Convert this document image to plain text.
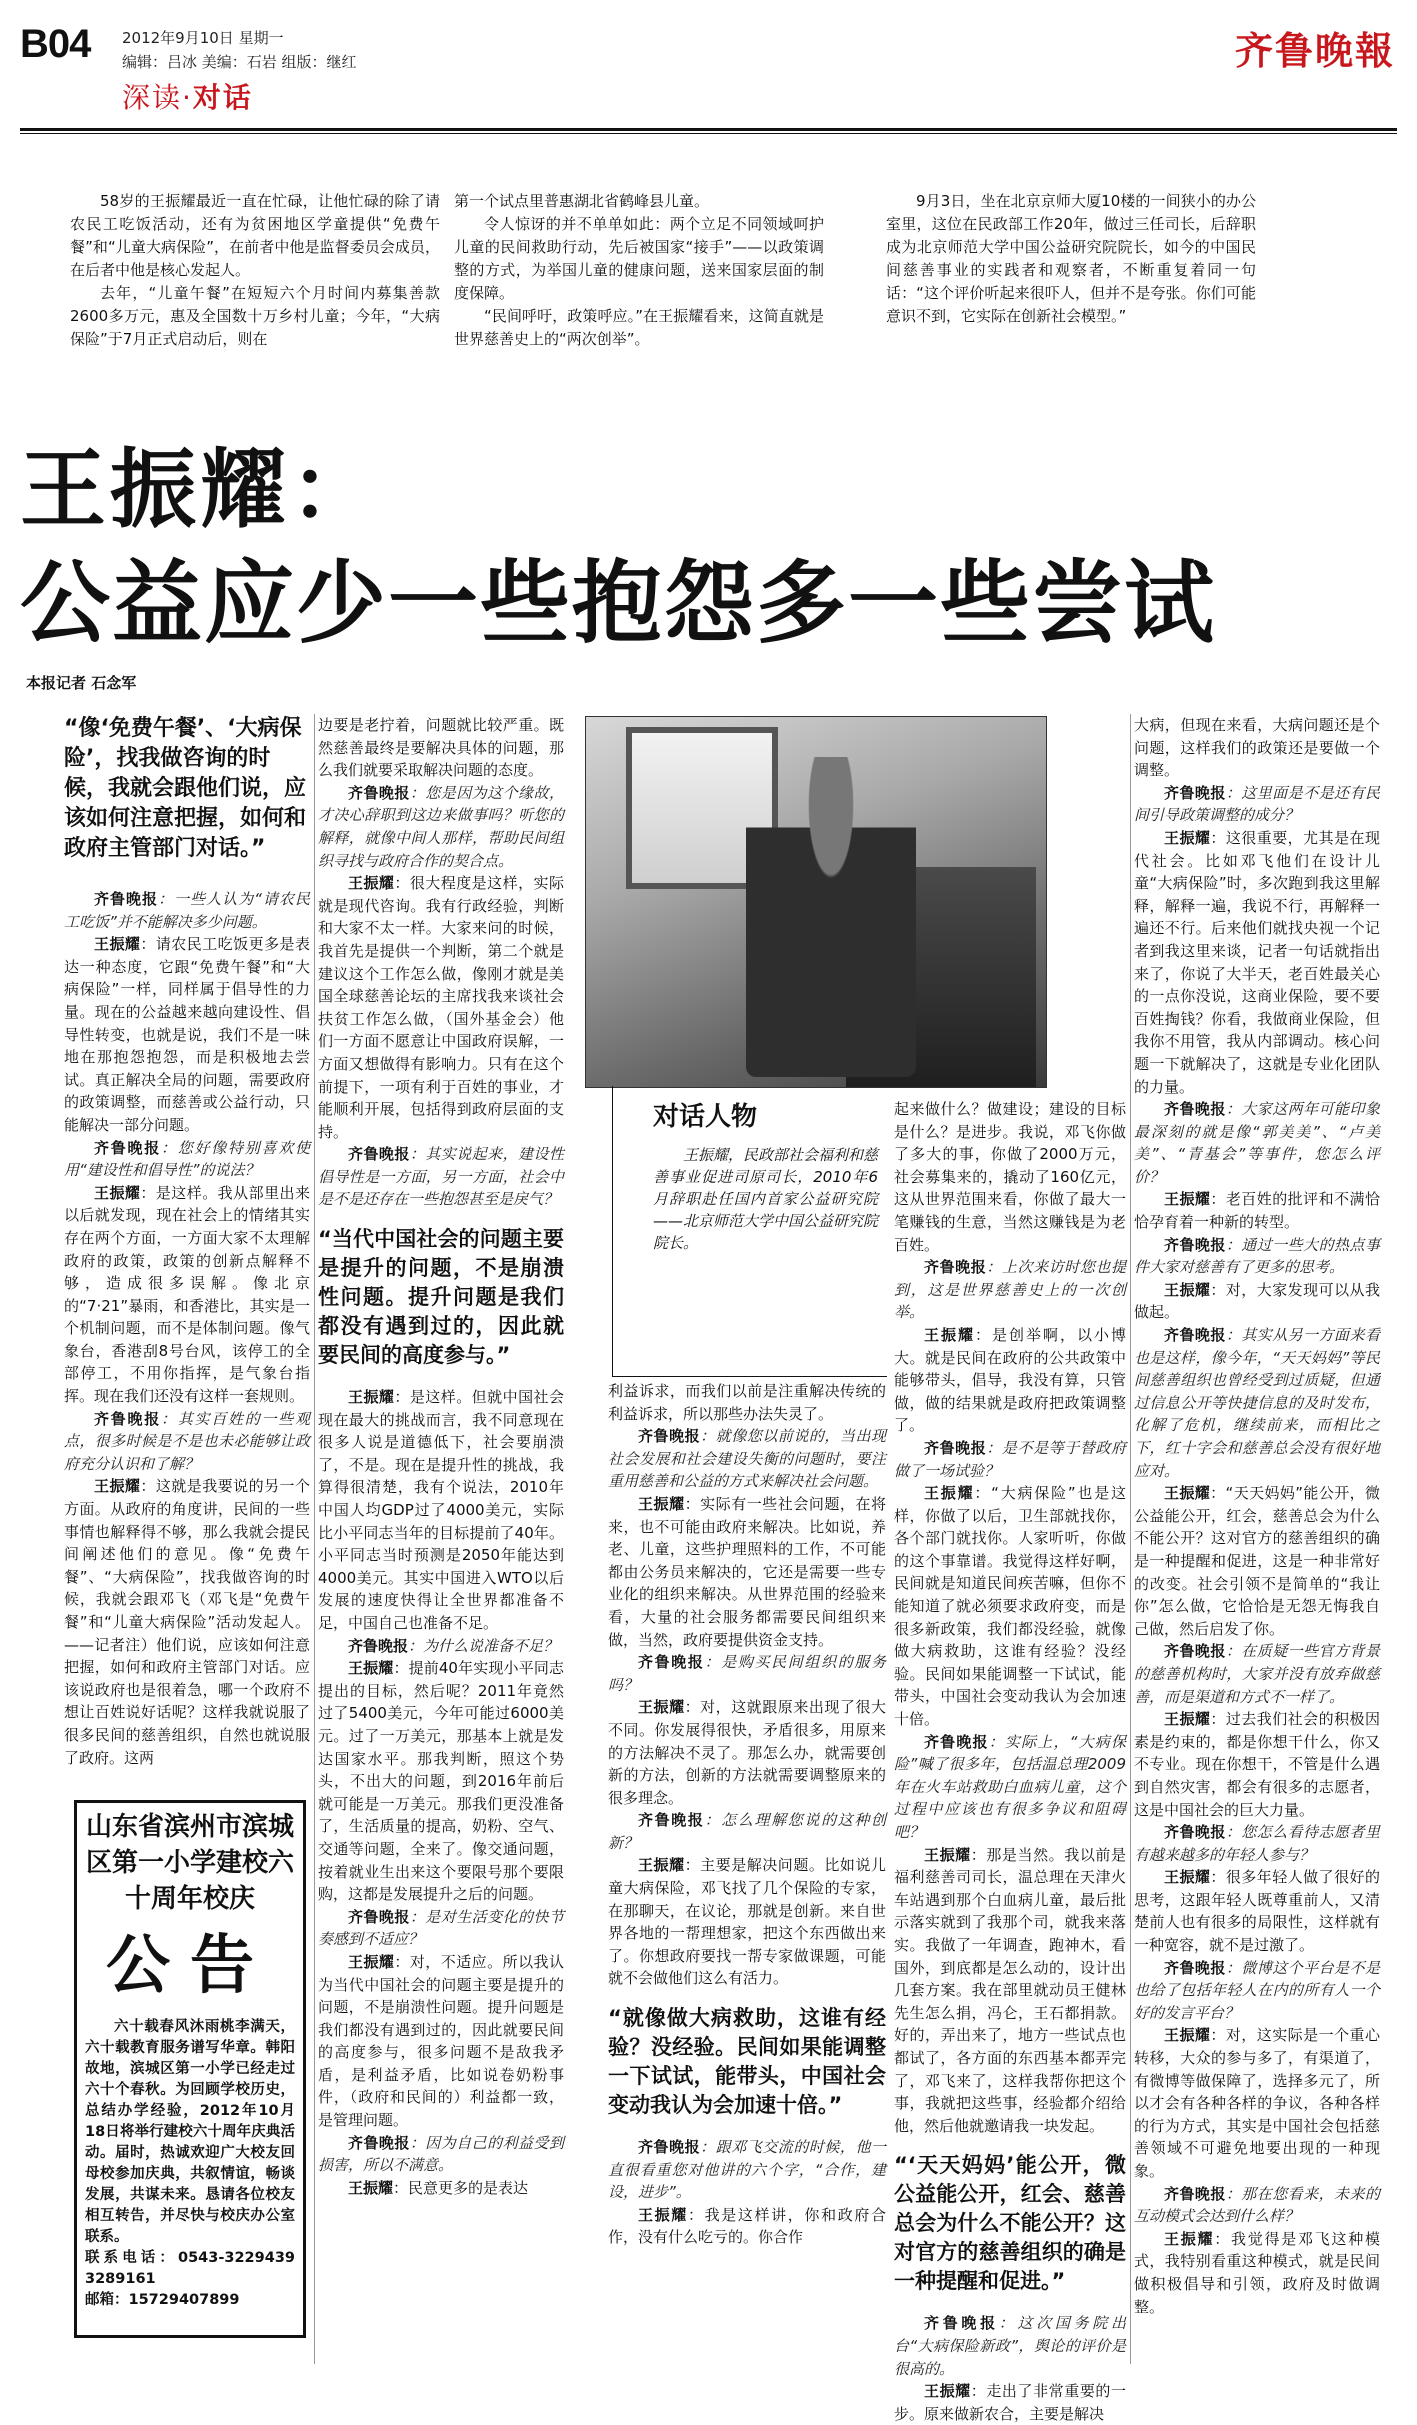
B04 2012年9月10日 星期一
编辑：吕冰 美编：石岩 组版：继红
深读·对话
齐鲁晚報

58岁的王振耀最近一直在忙碌，让他忙碌的除了请农民工吃饭活动，还有为贫困地区学童提供“免费午餐”和“儿童大病保险”，在前者中他是监督委员会成员，在后者中他是核心发起人。

去年，“儿童午餐”在短短六个月时间内募集善款2600多万元，惠及全国数十万乡村儿童；今年，“大病保险”于7月正式启动后，则在

第一个试点里普惠湖北省鹤峰县儿童。

令人惊讶的并不单单如此：两个立足不同领域呵护儿童的民间救助行动，先后被国家“接手”——以政策调整的方式，为举国儿童的健康问题，送来国家层面的制度保障。

“民间呼吁，政策呼应。”在王振耀看来，这简直就是世界慈善史上的“两次创举”。

9月3日，坐在北京京师大厦10楼的一间狭小的办公室里，这位在民政部工作20年，做过三任司长，后辞职成为北京师范大学中国公益研究院院长，如今的中国民间慈善事业的实践者和观察者，不断重复着同一句话：“这个评价听起来很吓人，但并不是夸张。你们可能意识不到，它实际在创新社会模型。”

王振耀：
公益应少一些抱怨多一些尝试
本报记者 石念军
“像‘免费午餐’、‘大病保险’，找我做咨询的时候，我就会跟他们说，应该如何注意把握，如何和政府主管部门对话。”

齐鲁晚报：一些人认为“请农民工吃饭”并不能解决多少问题。

王振耀：请农民工吃饭更多是表达一种态度，它跟“免费午餐”和“大病保险”一样，同样属于倡导性的力量。现在的公益越来越向建设性、倡导性转变，也就是说，我们不是一味地在那抱怨抱怨，而是积极地去尝试。真正解决全局的问题，需要政府的政策调整，而慈善或公益行动，只能解决一部分问题。

齐鲁晚报：您好像特别喜欢使用“建设性和倡导性”的说法？

王振耀：是这样。我从部里出来以后就发现，现在社会上的情绪其实存在两个方面，一方面大家不太理解政府的政策，政策的创新点解释不够，造成很多误解。像北京的“7·21”暴雨，和香港比，其实是一个机制问题，而不是体制问题。像气象台，香港刮8号台风，该停工的全部停工，不用你指挥，是气象台指挥。现在我们还没有这样一套规则。

齐鲁晚报：其实百姓的一些观点，很多时候是不是也未必能够让政府充分认识和了解？

王振耀：这就是我要说的另一个方面。从政府的角度讲，民间的一些事情也解释得不够，那么我就会提民间阐述他们的意见。像“免费午餐”、“大病保险”，找我做咨询的时候，我就会跟邓飞（邓飞是“免费午餐”和“儿童大病保险”活动发起人。——记者注）他们说，应该如何注意把握，如何和政府主管部门对话。应该说政府也是很着急，哪一个政府不想让百姓说好话呢？这样我就说服了很多民间的慈善组织，自然也就说服了政府。这两

边要是老拧着，问题就比较严重。既然慈善最终是要解决具体的问题，那么我们就要采取解决问题的态度。

齐鲁晚报：您是因为这个缘故，才决心辞职到这边来做事吗？听您的解释，就像中间人那样，帮助民间组织寻找与政府合作的契合点。

王振耀：很大程度是这样，实际就是现代咨询。我有行政经验，判断和大家不太一样。大家来问的时候，我首先是提供一个判断，第二个就是建议这个工作怎么做，像刚才就是美国全球慈善论坛的主席找我来谈社会扶贫工作怎么做，（国外基金会）他们一方面不愿意让中国政府误解，一方面又想做得有影响力。只有在这个前提下，一项有利于百姓的事业，才能顺利开展，包括得到政府层面的支持。

齐鲁晚报：其实说起来，建设性倡导性是一方面，另一方面，社会中是不是还存在一些抱怨甚至是戾气？

“当代中国社会的问题主要是提升的问题，不是崩溃性问题。提升问题是我们都没有遇到过的，因此就要民间的高度参与。”

王振耀：是这样。但就中国社会现在最大的挑战而言，我不同意现在很多人说是道德低下，社会要崩溃了，不是。现在是提升性的挑战，我算得很清楚，我有个说法，2010年中国人均GDP过了4000美元，实际比小平同志当年的目标提前了40年。小平同志当时预测是2050年能达到4000美元。其实中国进入WTO以后发展的速度快得让全世界都准备不足，中国自己也准备不足。

齐鲁晚报：为什么说准备不足？

王振耀：提前40年实现小平同志提出的目标，然后呢？2011年竟然过了5400美元，今年可能过6000美元。过了一万美元，那基本上就是发达国家水平。那我判断，照这个势头，不出大的问题，到2016年前后就可能是一万美元。那我们更没准备了，生活质量的提高，奶粉、空气、交通等问题，全来了。像交通问题，按着就业生出来这个要限号那个要限购，这都是发展提升之后的问题。

齐鲁晚报：是对生活变化的快节奏感到不适应？

王振耀：对，不适应。所以我认为当代中国社会的问题主要是提升的问题，不是崩溃性问题。提升问题是我们都没有遇到过的，因此就要民间的高度参与，很多问题不是敌我矛盾，是利益矛盾，比如说卷奶粉事件，（政府和民间的）利益都一致，是管理问题。

齐鲁晚报：因为自己的利益受到损害，所以不满意。

王振耀：民意更多的是表达

对话人物

王振耀，民政部社会福利和慈善事业促进司原司长，2010年6月辞职赴任国内首家公益研究院——北京师范大学中国公益研究院院长。

利益诉求，而我们以前是注重解决传统的利益诉求，所以那些办法失灵了。

齐鲁晚报：就像您以前说的，当出现社会发展和社会建设失衡的问题时，要注重用慈善和公益的方式来解决社会问题。

王振耀：实际有一些社会问题，在将来，也不可能由政府来解决。比如说，养老、儿童，这些护理照料的工作，不可能都由公务员来解决的，它还是需要一些专业化的组织来解决。从世界范围的经验来看，大量的社会服务都需要民间组织来做，当然，政府要提供资金支持。

齐鲁晚报：是购买民间组织的服务吗？

王振耀：对，这就跟原来出现了很大不同。你发展得很快，矛盾很多，用原来的方法解决不灵了。那怎么办，就需要创新的方法，创新的方法就需要调整原来的很多理念。

齐鲁晚报：怎么理解您说的这种创新？

王振耀：主要是解决问题。比如说儿童大病保险，邓飞找了几个保险的专家，在那聊天，在议论，那就是创新。来自世界各地的一帮理想家，把这个东西做出来了。你想政府要找一帮专家做课题，可能就不会做他们这么有活力。

“就像做大病救助，这谁有经验？没经验。民间如果能调整一下试试，能带头，中国社会变动我认为会加速十倍。”

齐鲁晚报：跟邓飞交流的时候，他一直很看重您对他讲的六个字，“合作，建设，进步”。

王振耀：我是这样讲，你和政府合作，没有什么吃亏的。你合作

起来做什么？做建设；建设的目标是什么？是进步。我说，邓飞你做了多大的事，你做了2000万元，社会募集来的，撬动了160亿元，这从世界范围来看，你做了最大一笔赚钱的生意，当然这赚钱是为老百姓。

齐鲁晚报：上次来访时您也提到，这是世界慈善史上的一次创举。

王振耀：是创举啊，以小博大。就是民间在政府的公共政策中能够带头，倡导，我没有算，只管做，做的结果就是政府把政策调整了。

齐鲁晚报：是不是等于替政府做了一场试验？

王振耀：“大病保险”也是这样，你做了以后，卫生部就找你，各个部门就找你。人家听听，你做的这个事靠谱。我觉得这样好啊，民间就是知道民间疾苦嘛，但你不能知道了就必须要求政府变，而是很多新政策，我们都没经验，就像做大病救助，这谁有经验？没经验。民间如果能调整一下试试，能带头，中国社会变动我认为会加速十倍。

齐鲁晚报：实际上，“大病保险”喊了很多年，包括温总理2009年在火车站救助白血病儿童，这个过程中应该也有很多争议和阻碍吧？

王振耀：那是当然。我以前是福利慈善司司长，温总理在天津火车站遇到那个白血病儿童，最后批示落实就到了我那个司，就我来落实。我做了一年调查，跑神木，看国外，到底都是怎么动的，设计出几套方案。我在部里就动员王健林先生怎么捐，冯仑，王石都捐款。好的，弄出来了，地方一些试点也都试了，各方面的东西基本都弄完了，邓飞来了，这样我帮你把这个事，我就把这些事，经验都介绍给他，然后他就邀请我一块发起。

“‘天天妈妈’能公开，微公益能公开，红会、慈善总会为什么不能公开？这对官方的慈善组织的确是一种提醒和促进。”

齐鲁晚报：这次国务院出台“大病保险新政”，舆论的评价是很高的。

王振耀：走出了非常重要的一步。原来做新农合，主要是解决

大病，但现在来看，大病问题还是个问题，这样我们的政策还是要做一个调整。

齐鲁晚报：这里面是不是还有民间引导政策调整的成分？

王振耀：这很重要，尤其是在现代社会。比如邓飞他们在设计儿童“大病保险”时，多次跑到我这里解释，解释一遍，我说不行，再解释一遍还不行。后来他们就找央视一个记者到我这里来谈，记者一句话就指出来了，你说了大半天，老百姓最关心的一点你没说，这商业保险，要不要百姓掏钱？你看，我做商业保险，但我你不用管，我从内部调动。核心问题一下就解决了，这就是专业化团队的力量。

齐鲁晚报：大家这两年可能印象最深刻的就是像“郭美美”、“卢美美”、“青基会”等事件，您怎么评价？

王振耀：老百姓的批评和不满恰恰孕育着一种新的转型。

齐鲁晚报：通过一些大的热点事件大家对慈善有了更多的思考。

王振耀：对，大家发现可以从我做起。

齐鲁晚报：其实从另一方面来看也是这样，像今年，“天天妈妈”等民间慈善组织也曾经受到过质疑，但通过信息公开等快捷信息的及时发布，化解了危机，继续前来，而相比之下，红十字会和慈善总会没有很好地应对。

王振耀：“天天妈妈”能公开，微公益能公开，红会，慈善总会为什么不能公开？这对官方的慈善组织的确是一种提醒和促进，这是一种非常好的改变。社会引领不是简单的“我让你”怎么做，它恰恰是无怨无悔我自己做，然后启发了你。

齐鲁晚报：在质疑一些官方背景的慈善机构时，大家并没有放弃做慈善，而是渠道和方式不一样了。

王振耀：过去我们社会的积极因素是约束的，都是你想干什么，你又不专业。现在你想干，不管是什么遇到自然灾害，都会有很多的志愿者，这是中国社会的巨大力量。

齐鲁晚报：您怎么看待志愿者里有越来越多的年轻人参与？

王振耀：很多年轻人做了很好的思考，这跟年轻人既尊重前人，又清楚前人也有很多的局限性，这样就有一种宽容，就不是过激了。

齐鲁晚报：微博这个平台是不是也给了包括年轻人在内的所有人一个好的发言平台？

王振耀：对，这实际是一个重心转移，大众的参与多了，有渠道了，有微博等做保障了，选择多元了，所以才会有各种各样的争议，各种各样的行为方式，其实是中国社会包括慈善领域不可避免地要出现的一种现象。

齐鲁晚报：那在您看来，未来的互动模式会达到什么样？

王振耀：我觉得是邓飞这种模式，我特别看重这种模式，就是民间做积极倡导和引领，政府及时做调整。

山东省滨州市滨城区第一小学建校六十周年校庆
公告

六十载春风沐雨桃李满天，六十载教育服务谱写华章。韩阳故地，滨城区第一小学已经走过六十个春秋。为回顾学校历史，总结办学经验，2012年10月18日将举行建校六十周年庆典活动。届时，热诚欢迎广大校友回母校参加庆典，共叙情谊，畅谈发展，共谋未来。恳请各位校友相互转告，并尽快与校庆办公室联系。

联系电话：0543-3229439 3289161

邮箱：15729407899
